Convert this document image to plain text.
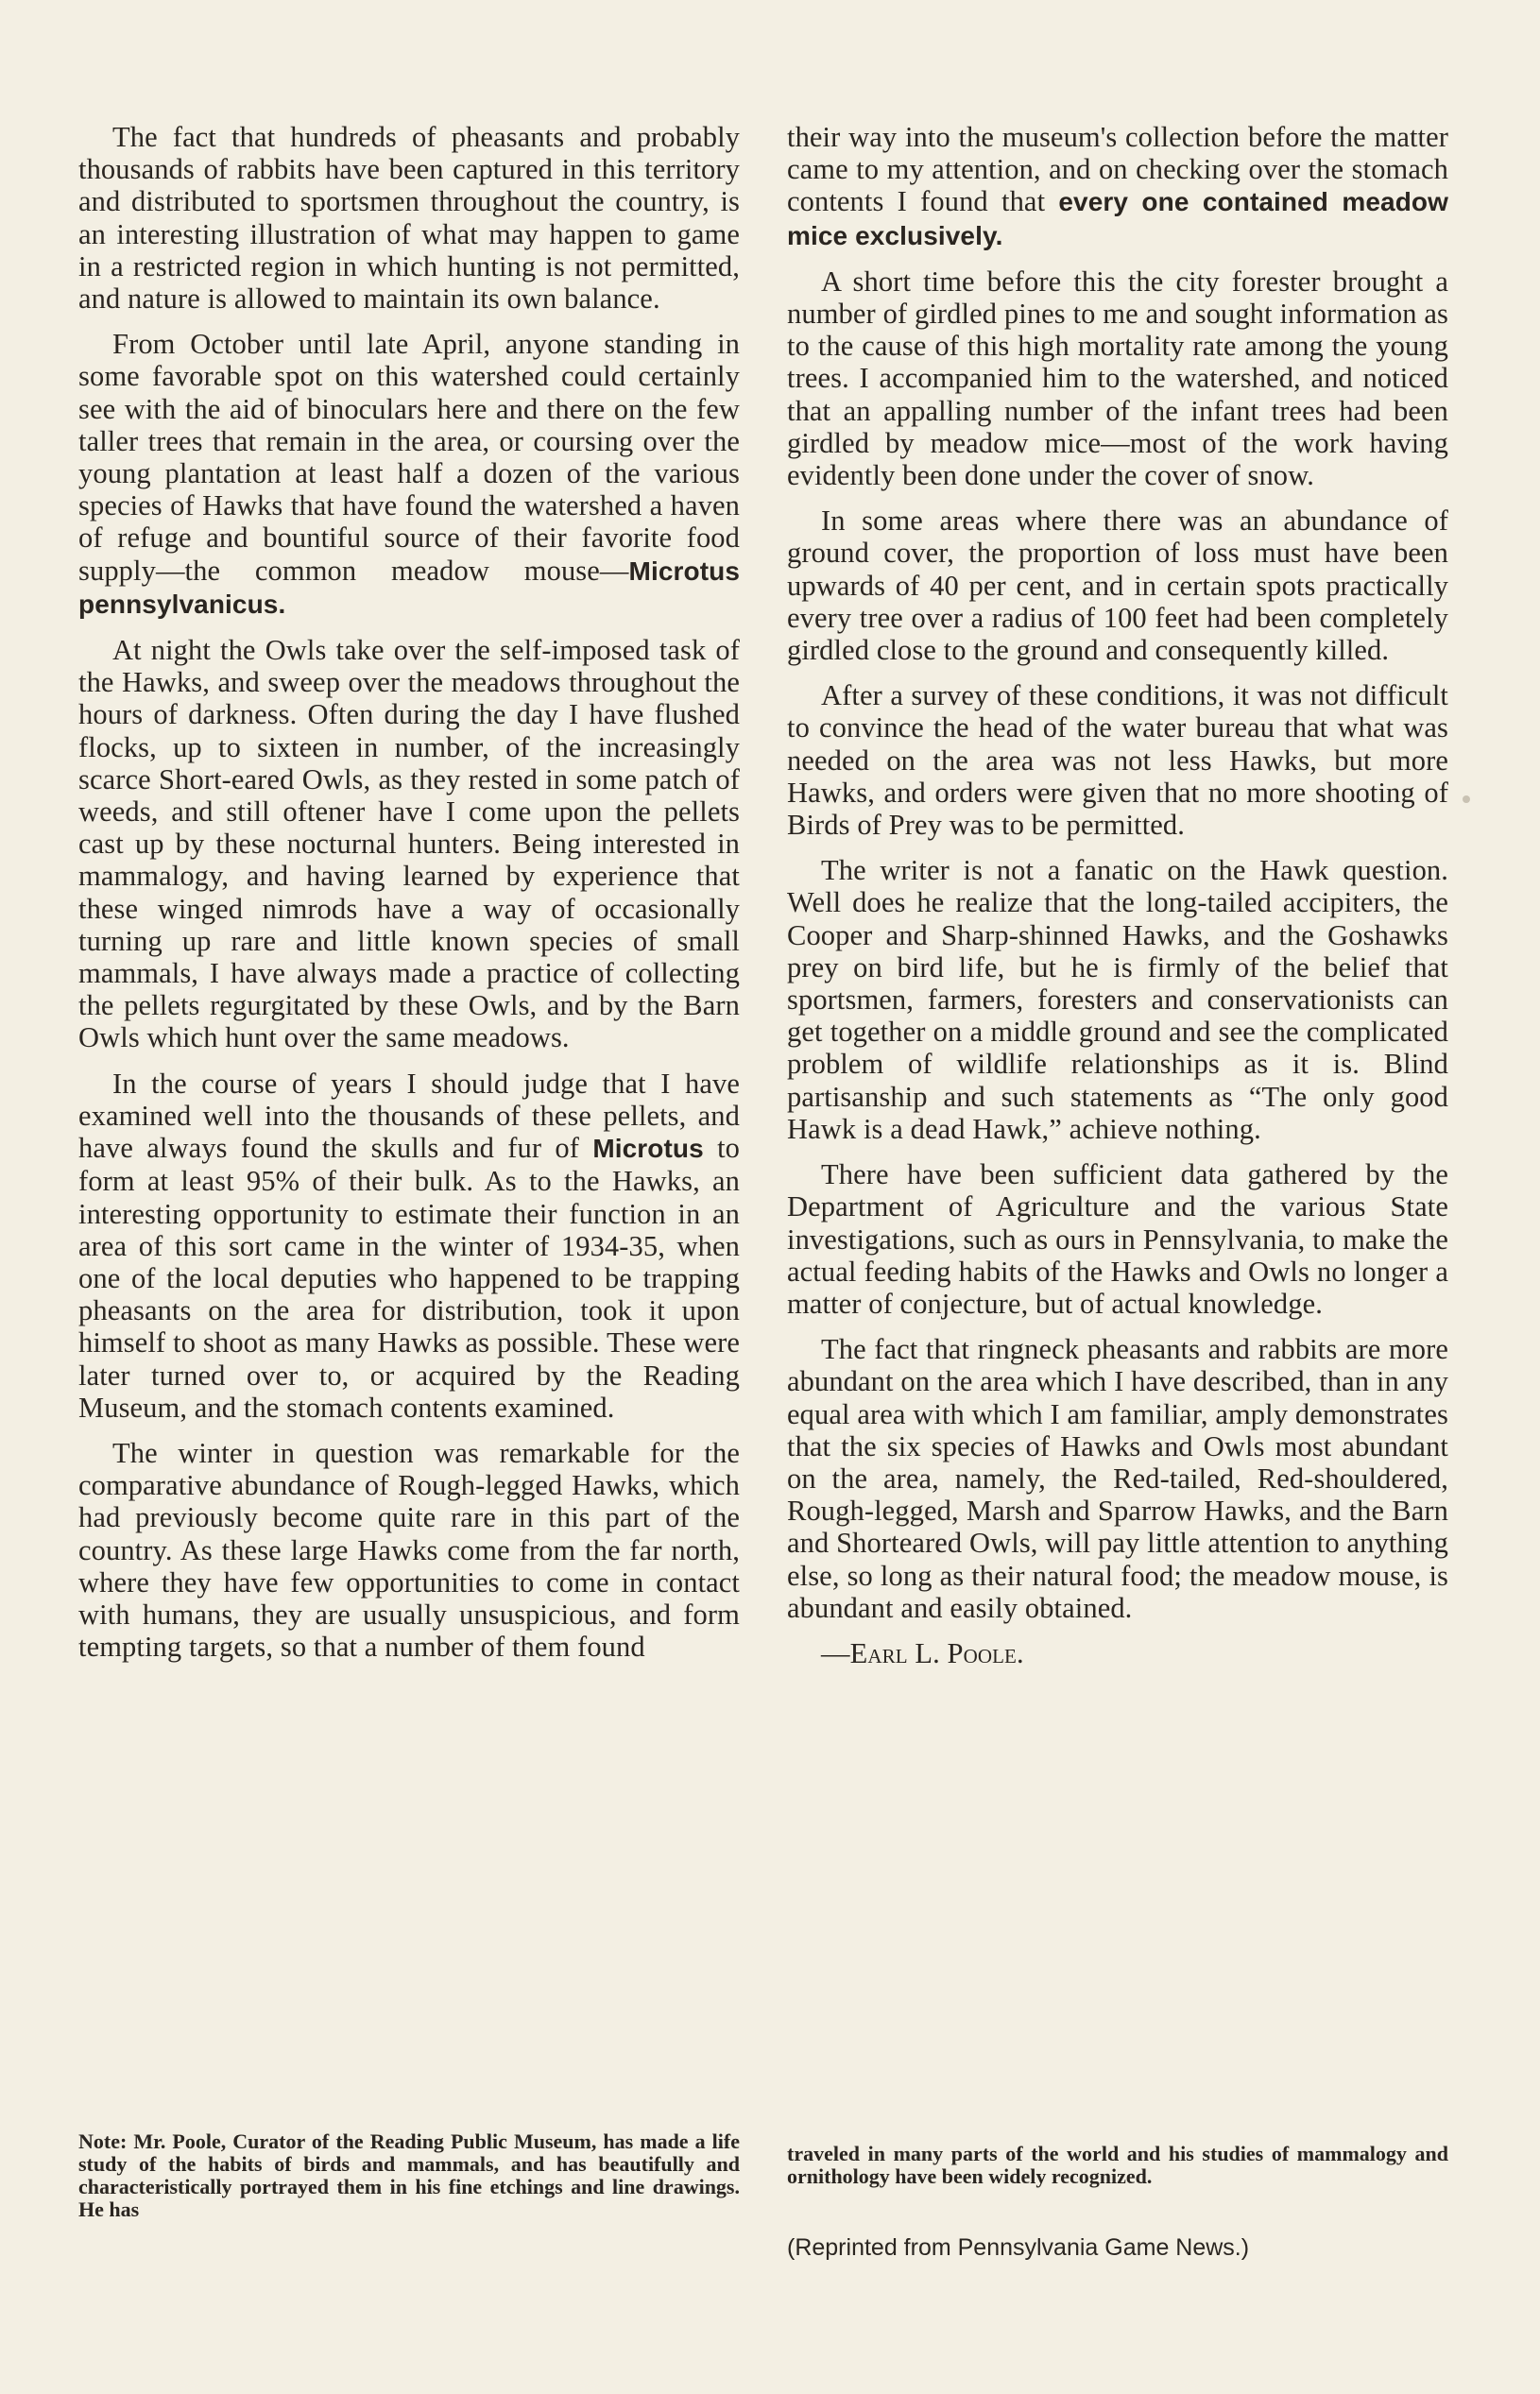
The fact that hundreds of pheasants and probably thousands of rabbits have been captured in this territory and distributed to sportsmen throughout the country, is an interesting illustration of what may happen to game in a restricted region in which hunting is not permitted, and nature is allowed to maintain its own balance.

From October until late April, anyone standing in some favorable spot on this watershed could certainly see with the aid of binoculars here and there on the few taller trees that remain in the area, or coursing over the young plantation at least half a dozen of the various species of Hawks that have found the watershed a haven of refuge and bountiful source of their favorite food supply—the common meadow mouse—Microtus pennsylvanicus.

At night the Owls take over the self-imposed task of the Hawks, and sweep over the meadows throughout the hours of darkness. Often during the day I have flushed flocks, up to sixteen in number, of the increasingly scarce Short-eared Owls, as they rested in some patch of weeds, and still oftener have I come upon the pellets cast up by these nocturnal hunters. Being interested in mammalogy, and having learned by experience that these winged nimrods have a way of occasionally turning up rare and little known species of small mammals, I have always made a practice of collecting the pellets regurgitated by these Owls, and by the Barn Owls which hunt over the same meadows.

In the course of years I should judge that I have examined well into the thousands of these pellets, and have always found the skulls and fur of Microtus to form at least 95% of their bulk. As to the Hawks, an interesting opportunity to estimate their function in an area of this sort came in the winter of 1934-35, when one of the local deputies who happened to be trapping pheasants on the area for distribution, took it upon himself to shoot as many Hawks as possible. These were later turned over to, or acquired by the Reading Museum, and the stomach contents examined.

The winter in question was remarkable for the comparative abundance of Rough-legged Hawks, which had previously become quite rare in this part of the country. As these large Hawks come from the far north, where they have few opportunities to come in contact with humans, they are usually unsuspicious, and form tempting targets, so that a number of them found

their way into the museum's collection before the matter came to my attention, and on checking over the stomach contents I found that every one contained meadow mice exclusively.

A short time before this the city forester brought a number of girdled pines to me and sought information as to the cause of this high mortality rate among the young trees. I accompanied him to the watershed, and noticed that an appalling number of the infant trees had been girdled by meadow mice—most of the work having evidently been done under the cover of snow.

In some areas where there was an abundance of ground cover, the proportion of loss must have been upwards of 40 per cent, and in certain spots practically every tree over a radius of 100 feet had been completely girdled close to the ground and consequently killed.

After a survey of these conditions, it was not difficult to convince the head of the water bureau that what was needed on the area was not less Hawks, but more Hawks, and orders were given that no more shooting of Birds of Prey was to be permitted.

The writer is not a fanatic on the Hawk question. Well does he realize that the long-tailed accipiters, the Cooper and Sharp-shinned Hawks, and the Goshawks prey on bird life, but he is firmly of the belief that sportsmen, farmers, foresters and conservationists can get together on a middle ground and see the complicated problem of wildlife relationships as it is. Blind partisanship and such statements as “The only good Hawk is a dead Hawk,” achieve nothing.

There have been sufficient data gathered by the Department of Agriculture and the various State investigations, such as ours in Pennsylvania, to make the actual feeding habits of the Hawks and Owls no longer a matter of conjecture, but of actual knowledge.

The fact that ringneck pheasants and rabbits are more abundant on the area which I have described, than in any equal area with which I am familiar, amply demonstrates that the six species of Hawks and Owls most abundant on the area, namely, the Red-tailed, Red-shouldered, Rough-legged, Marsh and Sparrow Hawks, and the Barn and Shorteared Owls, will pay little attention to anything else, so long as their natural food; the meadow mouse, is abundant and easily obtained.

—Earl L. Poole.

Note: Mr. Poole, Curator of the Reading Public Museum, has made a life study of the habits of birds and mammals, and has beautifully and characteristically portrayed them in his fine etchings and line drawings. He has

traveled in many parts of the world and his studies of mammalogy and ornithology have been widely recognized.

(Reprinted from Pennsylvania Game News.)
